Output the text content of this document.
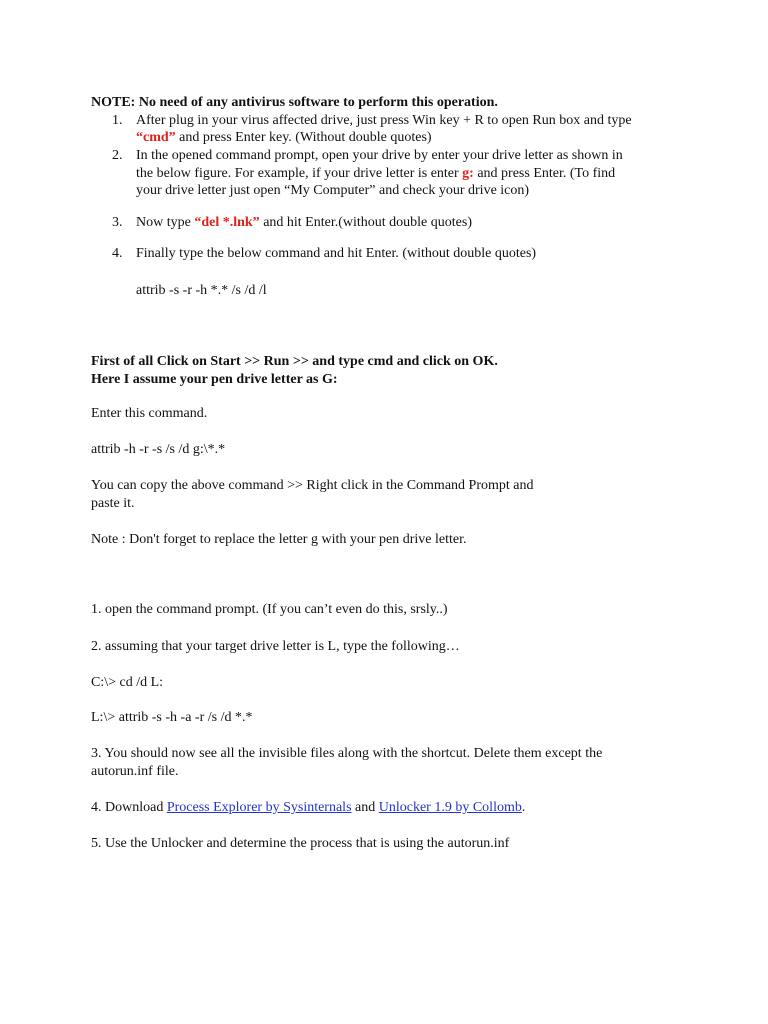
NOTE: No need of any antivirus software to perform this operation.
1. After plug in your virus affected drive, just press Win key + R to open Run box and type
“cmd” and press Enter key. (Without double quotes)
2. In the opened command prompt, open your drive by enter your drive letter as shown in
the below figure. For example, if your drive letter is enter g: and press Enter. (To find
your drive letter just open “My Computer” and check your drive icon)
3. Now type “del *.lnk” and hit Enter.(without double quotes)
4. Finally type the below command and hit Enter. (without double quotes)
attrib -s -r -h *.* /s /d /l
First of all Click on Start >> Run >> and type cmd and click on OK.
Here I assume your pen drive letter as G:
Enter this command.
attrib -h -r -s /s /d g:\*.*
You can copy the above command >> Right click in the Command Prompt and
paste it.
Note : Don't forget to replace the letter g with your pen drive letter.
1. open the command prompt. (If you can’t even do this, srsly..)
2. assuming that your target drive letter is L, type the following…
C:\> cd /d L:
L:\> attrib -s -h -a -r /s /d *.*
3. You should now see all the invisible files along with the shortcut. Delete them except the
autorun.inf file.
4. Download Process Explorer by Sysinternals and Unlocker 1.9 by Collomb.
5. Use the Unlocker and determine the process that is using the autorun.inf
